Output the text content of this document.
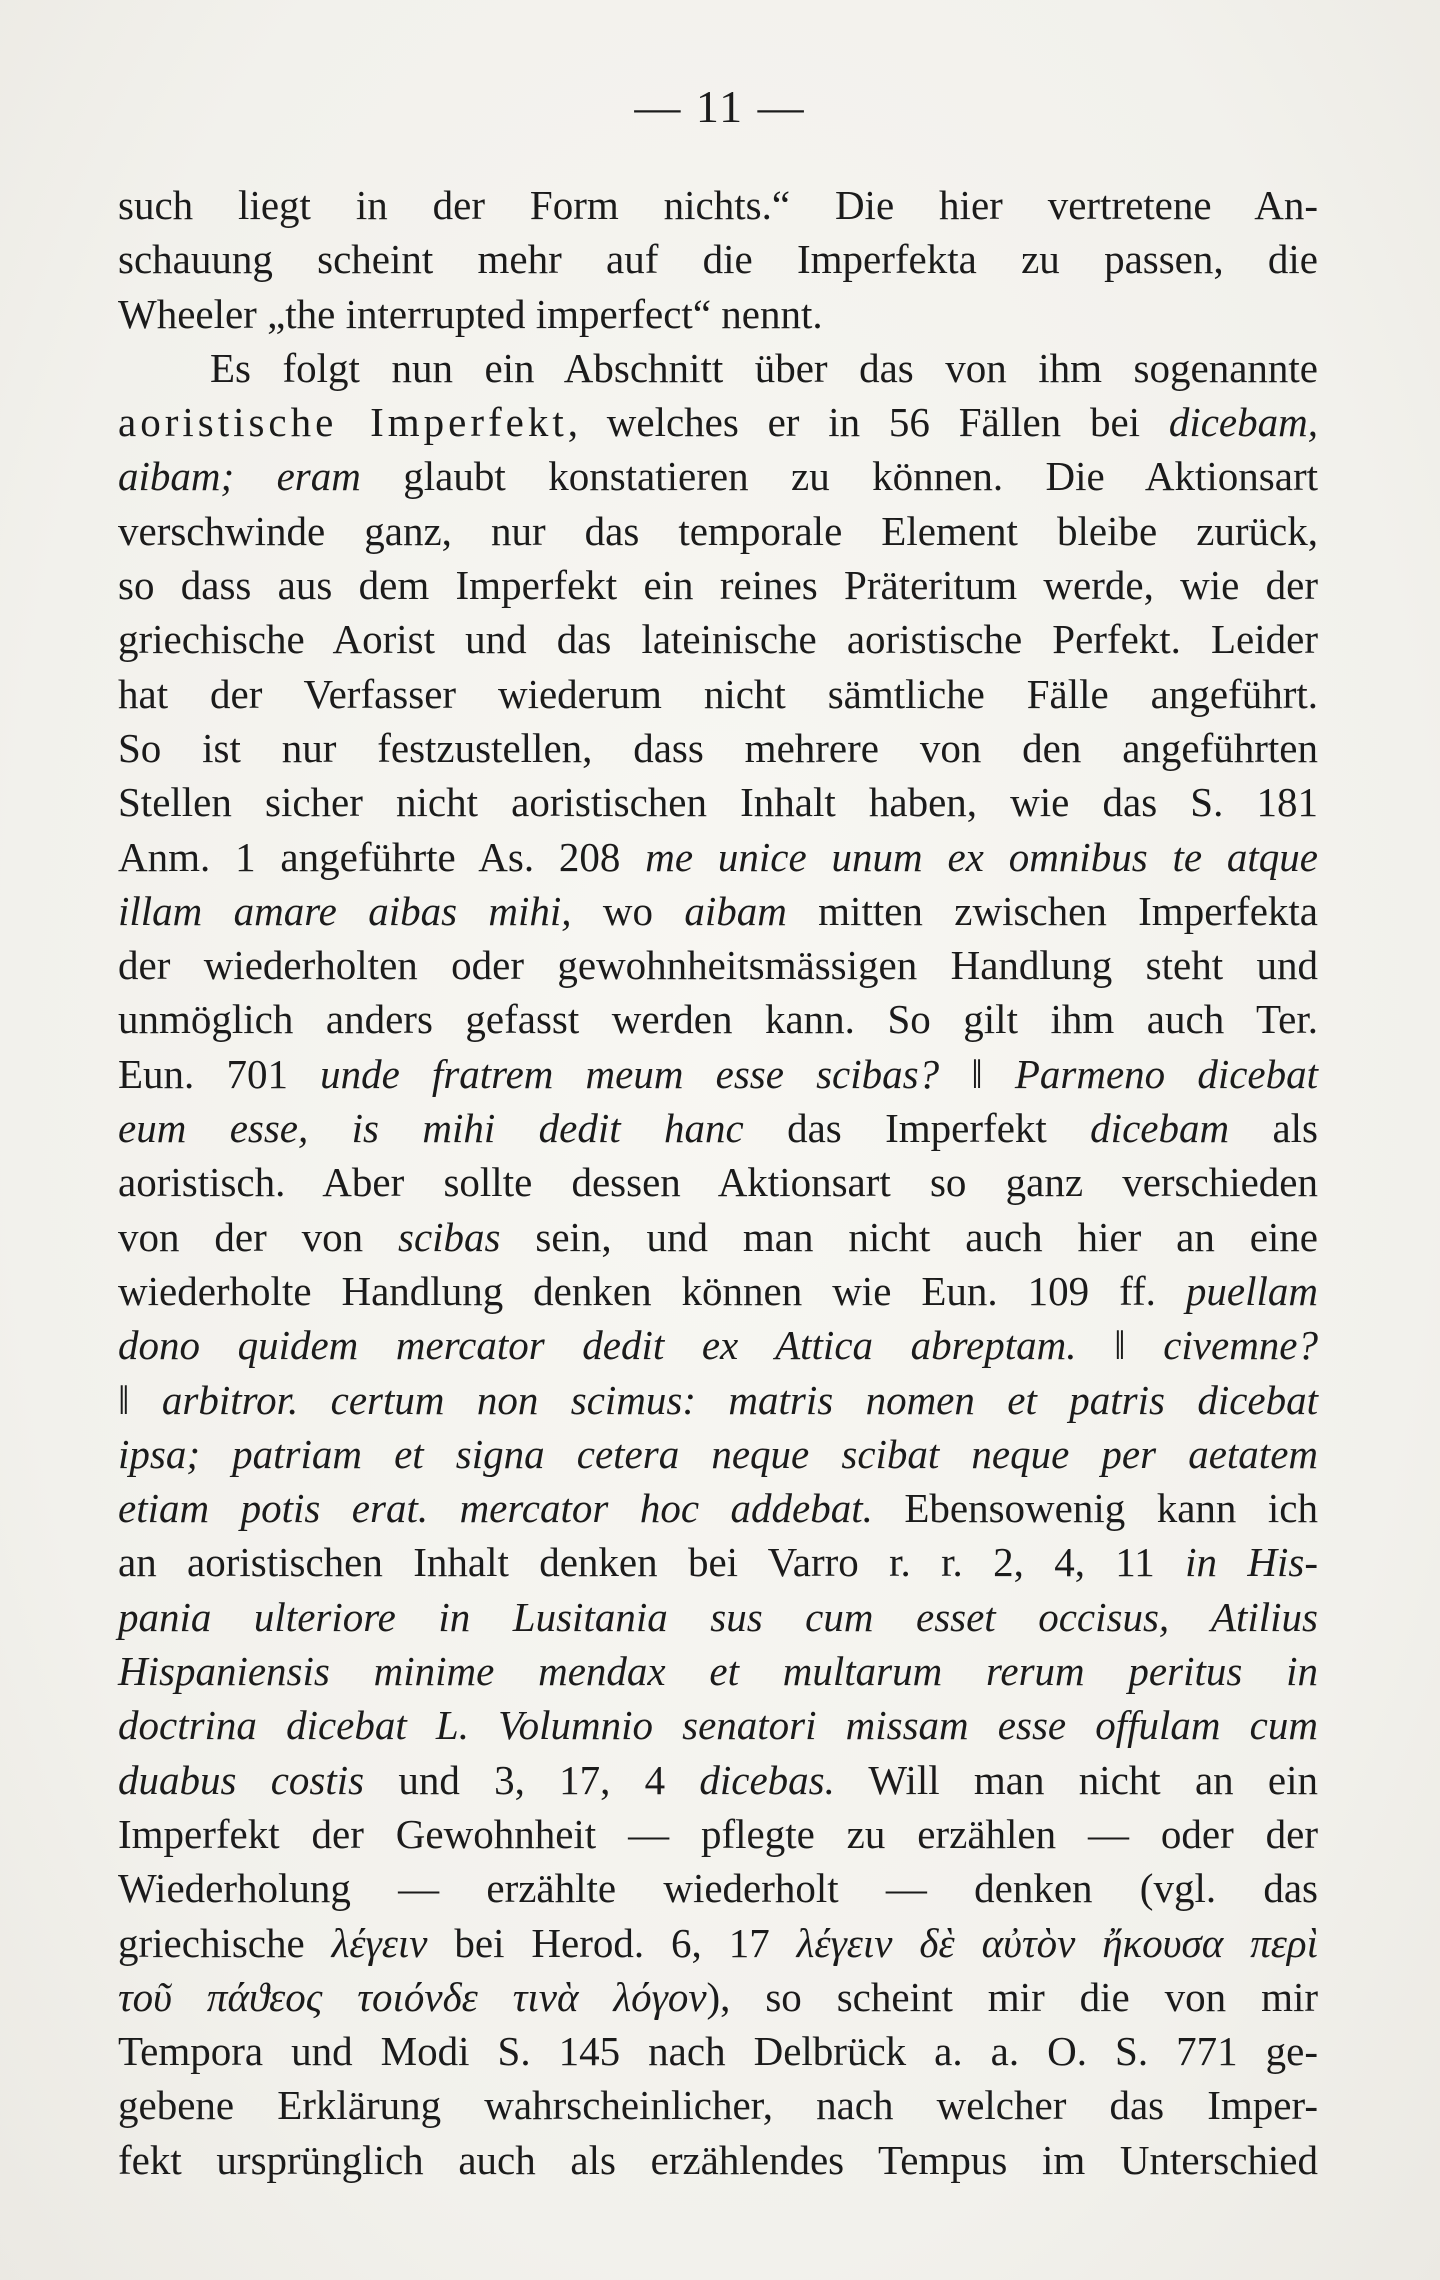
— 11 —
such liegt in der Form nichts.“ Die hier vertretene An-
schauung scheint mehr auf die Imperfekta zu passen, die
Wheeler „the interrupted imperfect“ nennt.
Es folgt nun ein Abschnitt über das von ihm sogenannte
aoristische Imperfekt, welches er in 56 Fällen bei dicebam,
aibam; eram glaubt konstatieren zu können. Die Aktionsart
verschwinde ganz, nur das temporale Element bleibe zurück,
so dass aus dem Imperfekt ein reines Präteritum werde, wie der
griechische Aorist und das lateinische aoristische Perfekt. Leider
hat der Verfasser wiederum nicht sämtliche Fälle angeführt.
So ist nur festzustellen, dass mehrere von den angeführten
Stellen sicher nicht aoristischen Inhalt haben, wie das S. 181
Anm. 1 angeführte As. 208 me unice unum ex omnibus te atque
illam amare aibas mihi, wo aibam mitten zwischen Imperfekta
der wiederholten oder gewohnheitsmässigen Handlung steht und
unmöglich anders gefasst werden kann. So gilt ihm auch Ter.
Eun. 701 unde fratrem meum esse scibas? ‖ Parmeno dicebat
eum esse, is mihi dedit hanc das Imperfekt dicebam als
aoristisch. Aber sollte dessen Aktionsart so ganz verschieden
von der von scibas sein, und man nicht auch hier an eine
wiederholte Handlung denken können wie Eun. 109 ff. puellam
dono quidem mercator dedit ex Attica abreptam. ‖ civemne?
‖ arbitror. certum non scimus: matris nomen et patris dicebat
ipsa; patriam et signa cetera neque scibat neque per aetatem
etiam potis erat. mercator hoc addebat. Ebensowenig kann ich
an aoristischen Inhalt denken bei Varro r. r. 2, 4, 11 in His-
pania ulteriore in Lusitania sus cum esset occisus, Atilius
Hispaniensis minime mendax et multarum rerum peritus in
doctrina dicebat L. Volumnio senatori missam esse offulam cum
duabus costis und 3, 17, 4 dicebas. Will man nicht an ein
Imperfekt der Gewohnheit — pflegte zu erzählen — oder der
Wiederholung — erzählte wiederholt — denken (vgl. das
griechische λέγειν bei Herod. 6, 17 λέγειν δὲ αὐτὸν ἤκουσα περὶ
τοῦ πάϑεος τοιόνδε τινὰ λόγον), so scheint mir die von mir
Tempora und Modi S. 145 nach Delbrück a. a. O. S. 771 ge-
gebene Erklärung wahrscheinlicher, nach welcher das Imper-
fekt ursprünglich auch als erzählendes Tempus im Unterschied
